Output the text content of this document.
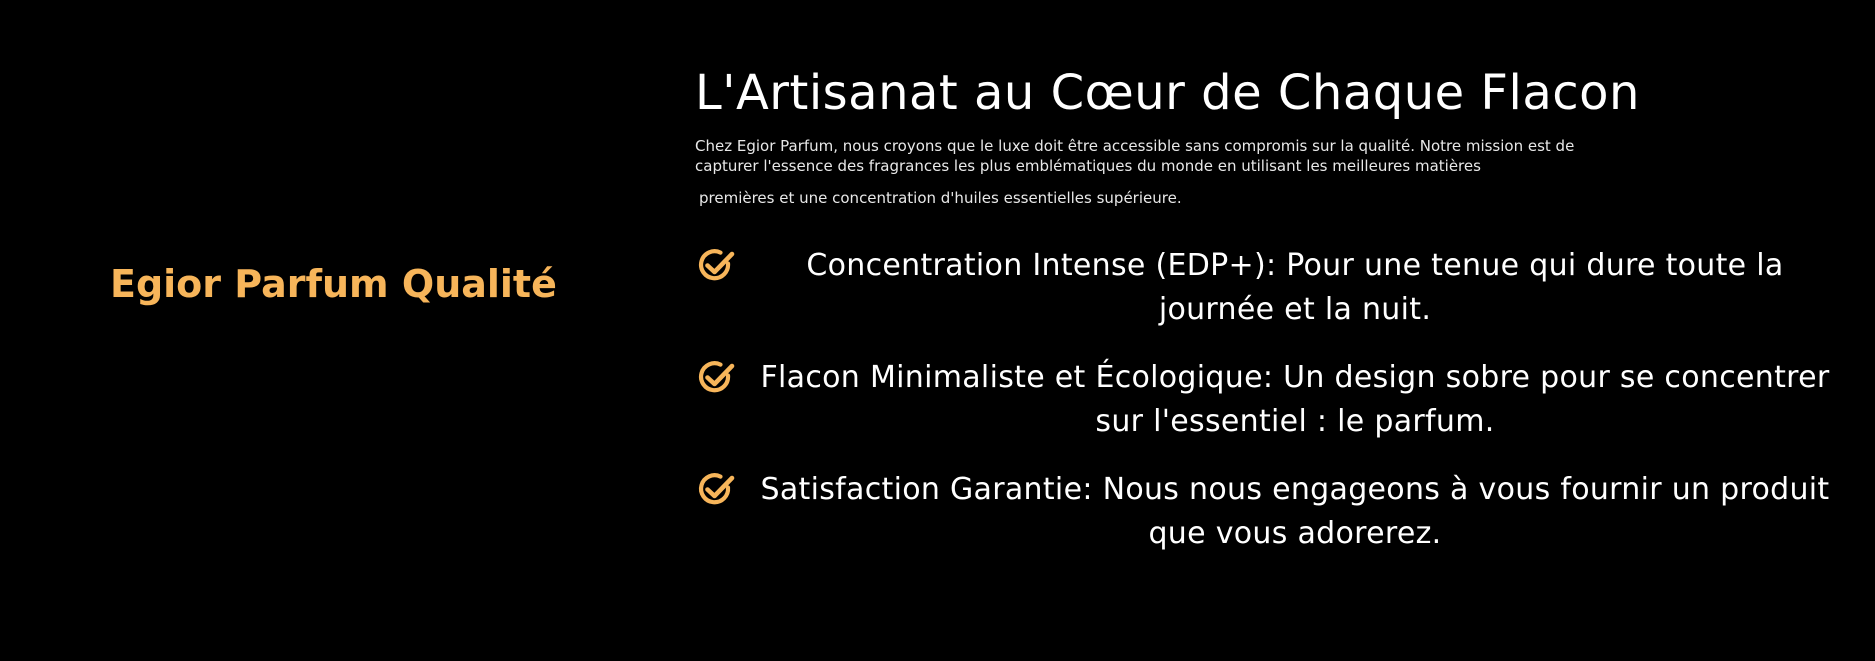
Egior Parfum Qualité
L'Artisanat au Cœur de Chaque Flacon

Chez Egior Parfum, nous croyons que le luxe doit être accessible sans compromis sur la qualité. Notre mission est de capturer l'essence des fragrances les plus emblématiques du monde en utilisant les meilleures matières

premières et une concentration d'huiles essentielles supérieure.

Concentration Intense (EDP+): Pour une tenue qui dure toute la journée et la nuit.
Flacon Minimaliste et Écologique: Un design sobre pour se concentrer sur l'essentiel : le parfum.
Satisfaction Garantie: Nous nous engageons à vous fournir un produit que vous adorerez.
